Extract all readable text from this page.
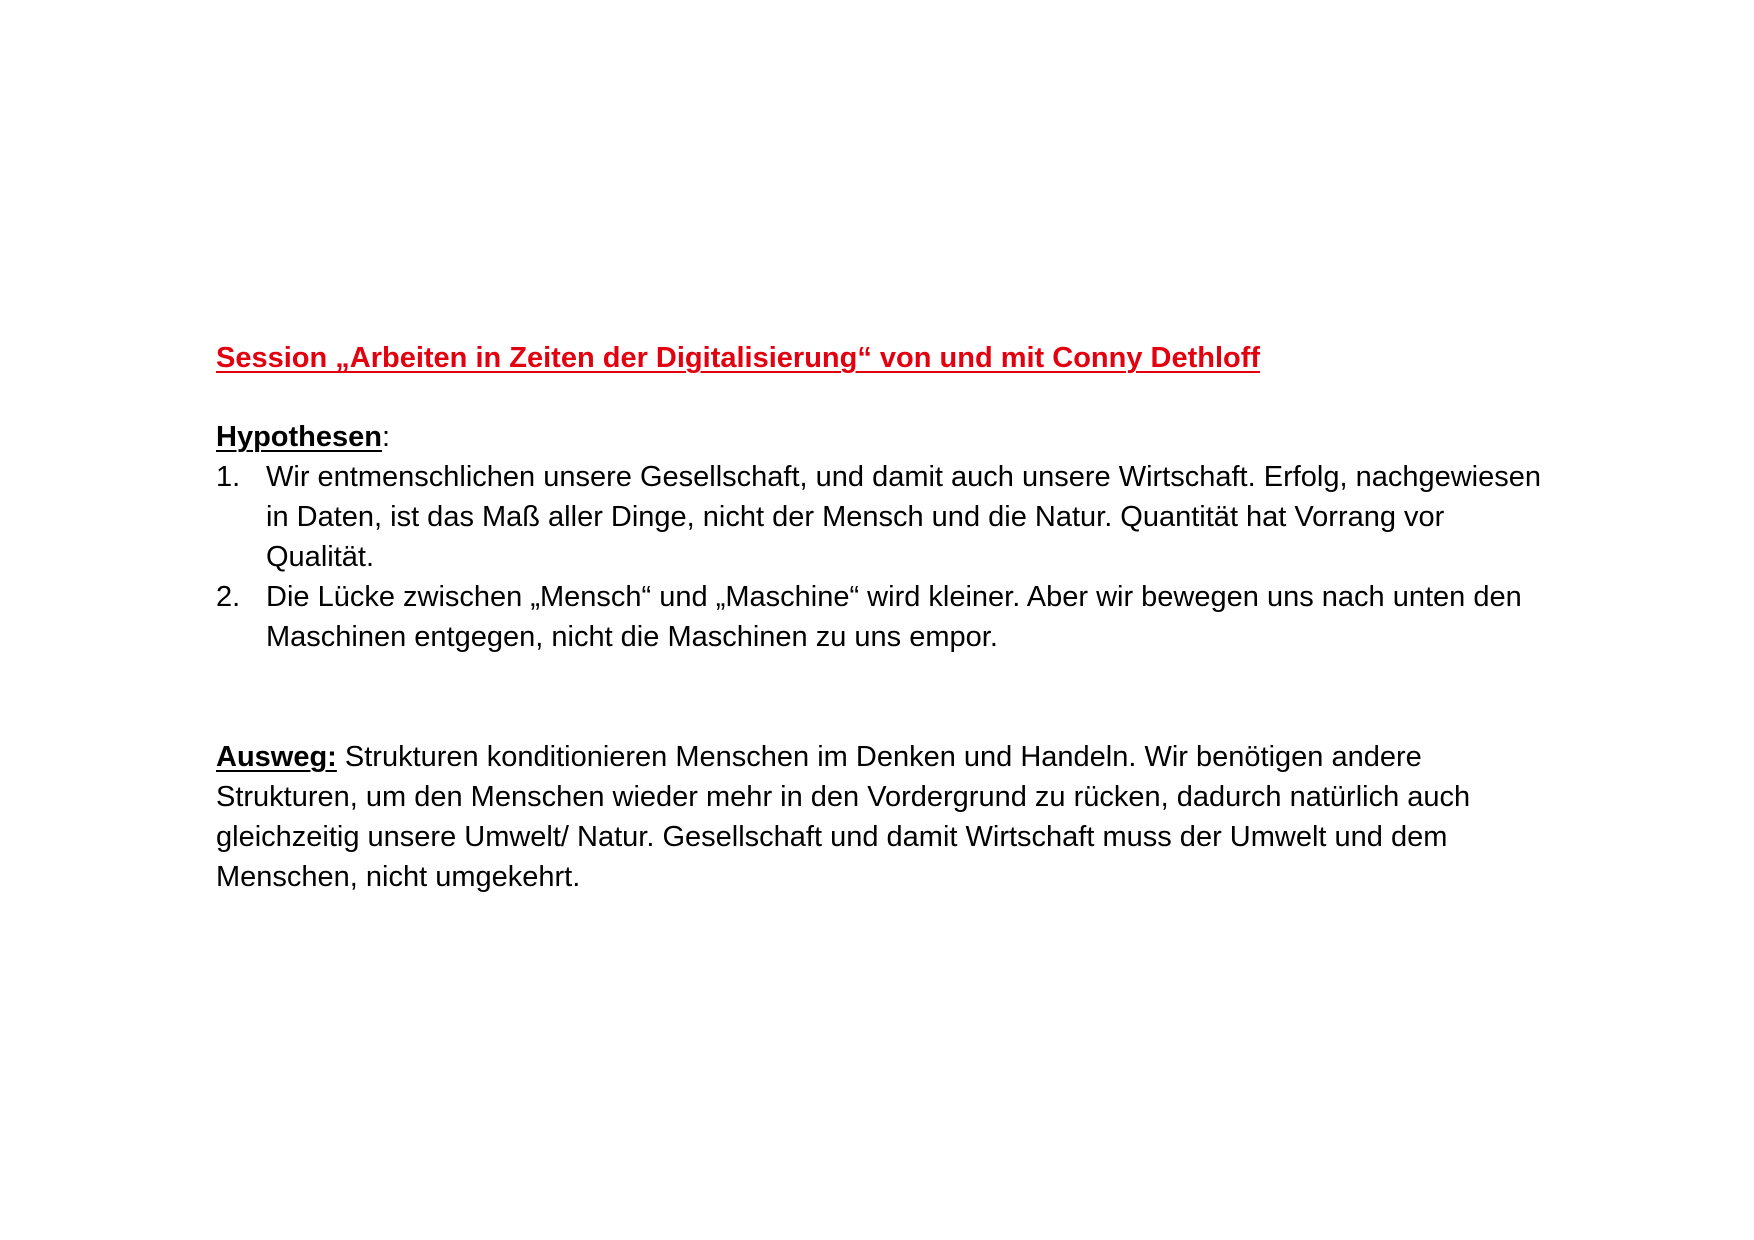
Session „Arbeiten in Zeiten der Digitalisierung“ von und mit Conny Dethloff

Hypothesen:
1. Wir entmenschlichen unsere Gesellschaft, und damit auch unsere Wirtschaft. Erfolg, nachgewiesen in Daten, ist das Maß aller Dinge, nicht der Mensch und die Natur. Quantität hat Vorrang vor Qualität.
2. Die Lücke zwischen „Mensch“ und „Maschine“ wird kleiner. Aber wir bewegen uns nach unten den Maschinen entgegen, nicht die Maschinen zu uns empor.
Ausweg: Strukturen konditionieren Menschen im Denken und Handeln. Wir benötigen andere Strukturen, um den Menschen wieder mehr in den Vordergrund zu rücken, dadurch natürlich auch gleichzeitig unsere Umwelt/ Natur. Gesellschaft und damit Wirtschaft muss der Umwelt und dem Menschen, nicht umgekehrt.
